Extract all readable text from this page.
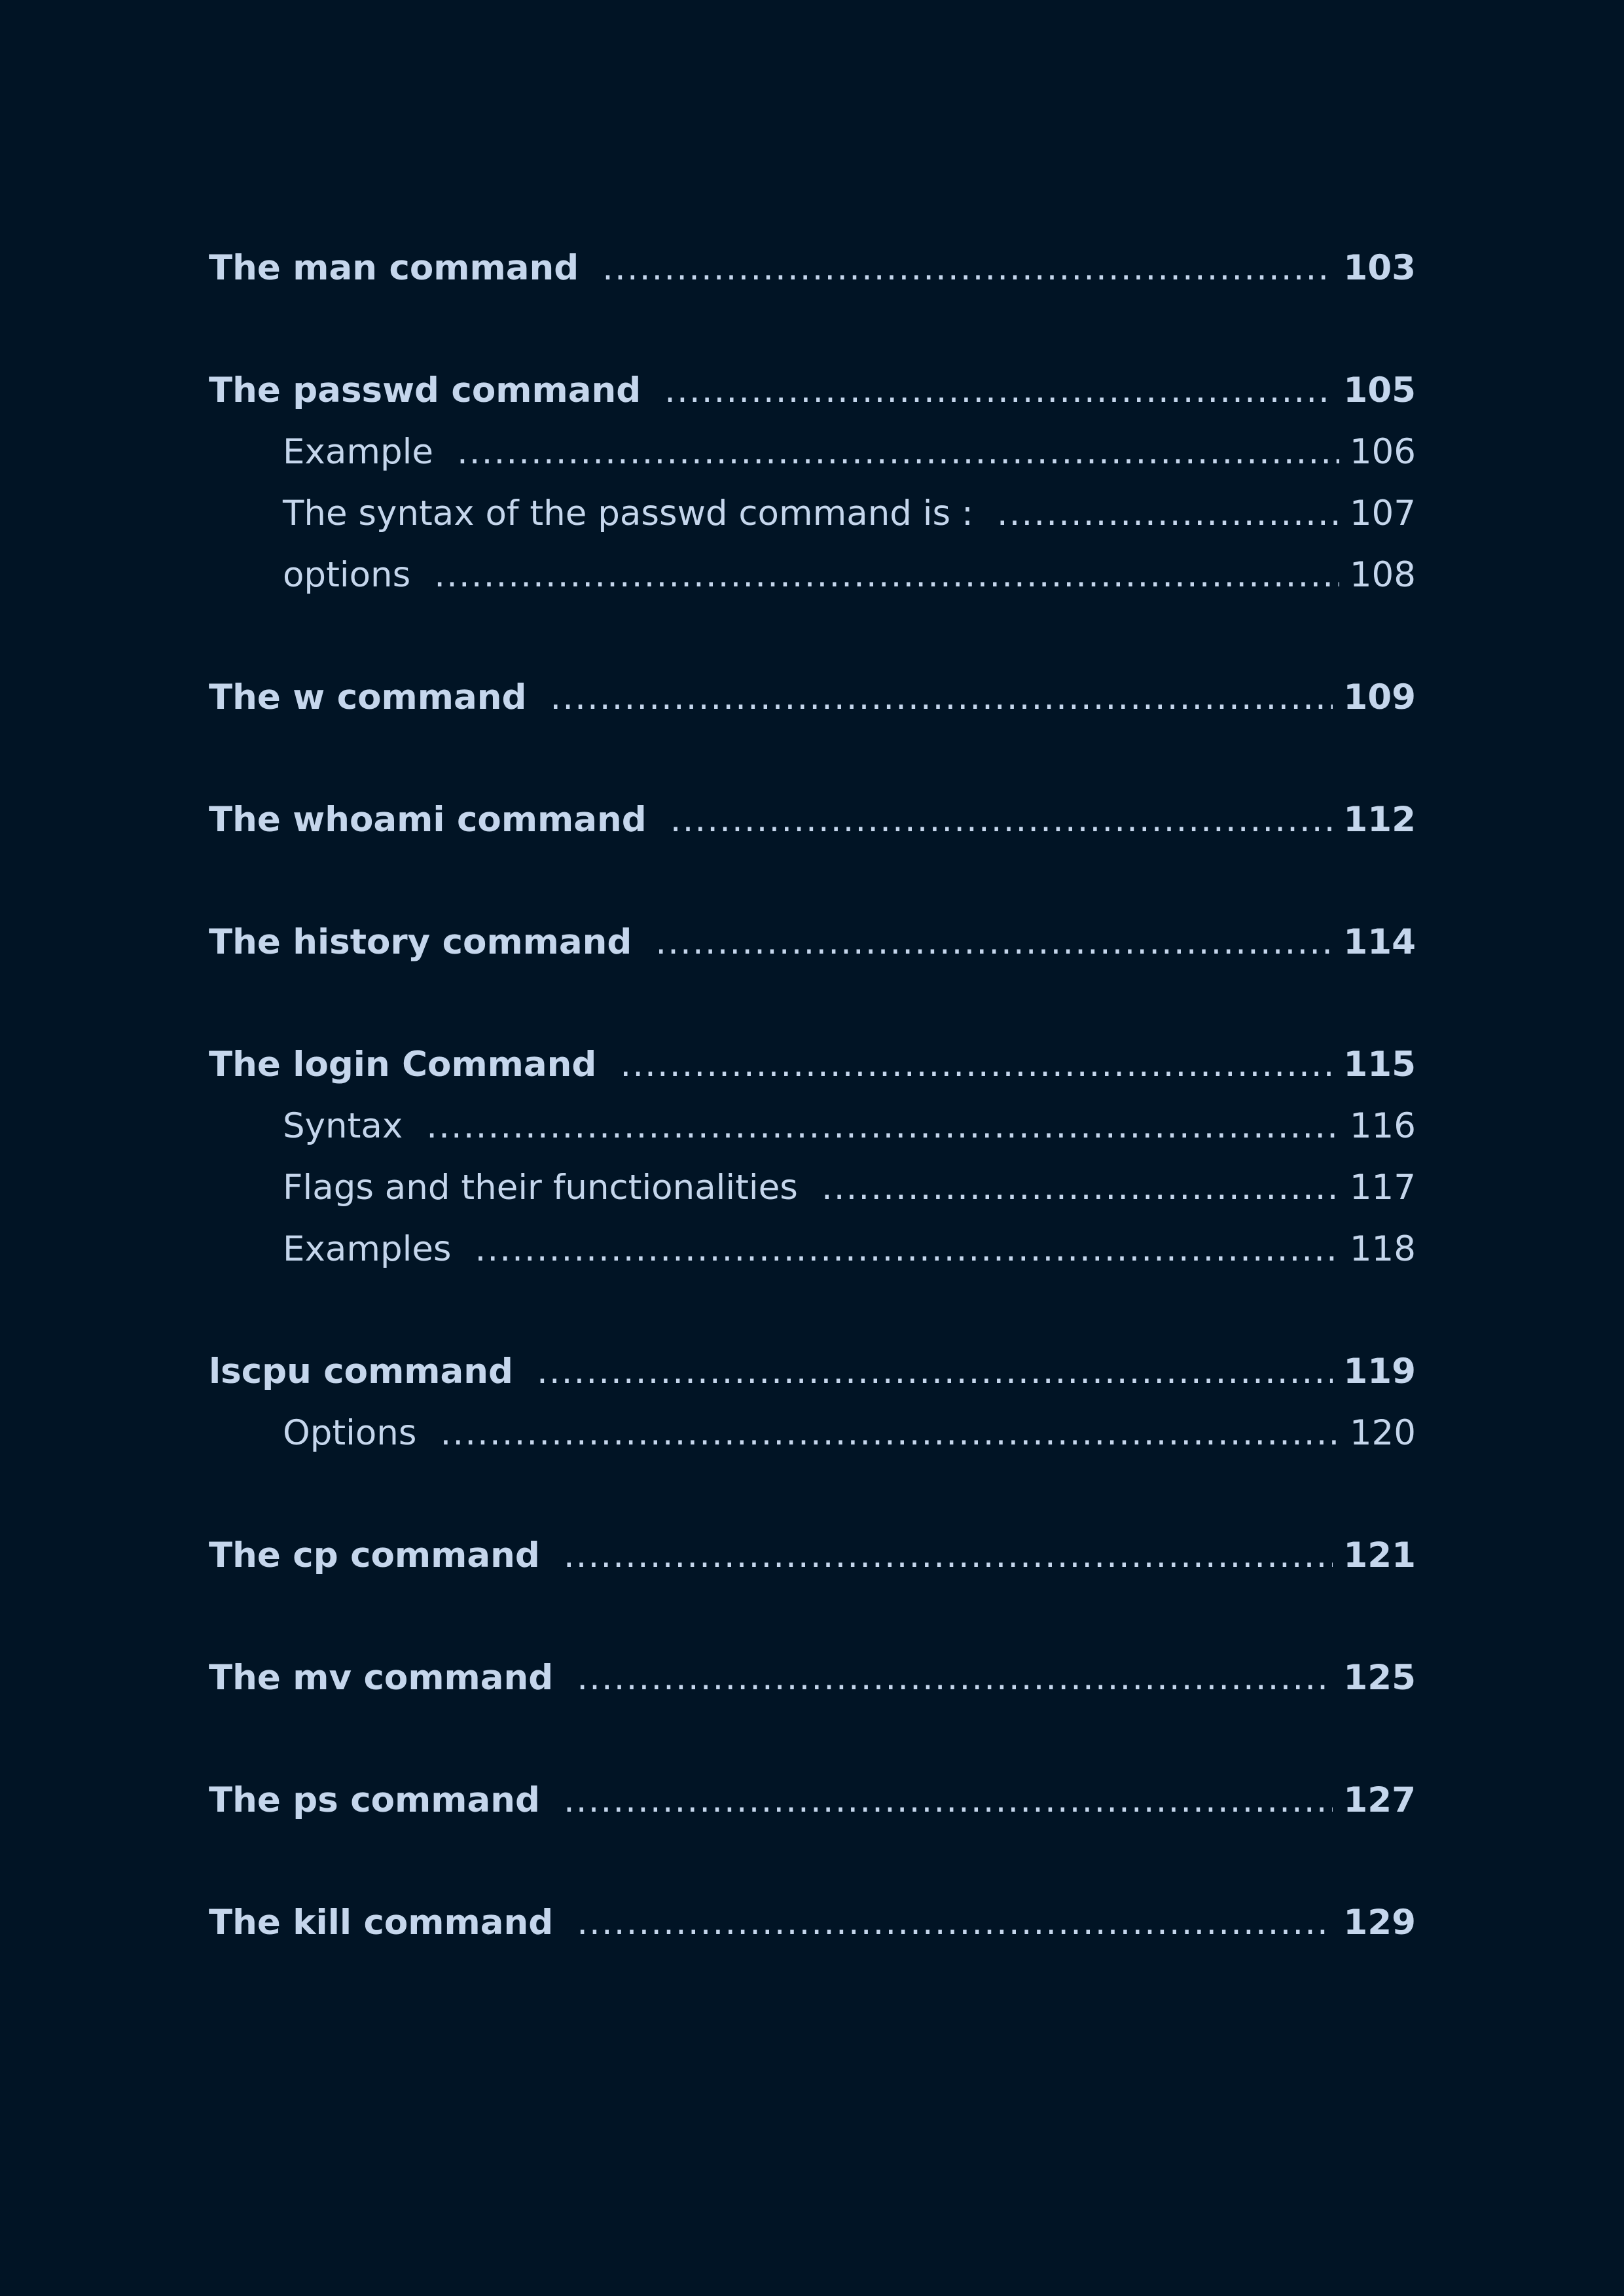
The man command .....	103
The passwd command .....	105
Example .....	106
The syntax of the passwd command is : .....	107
options .....	108
The w command .....	109
The whoami command .....	112
The history command .....	114
The login Command .....	115
Syntax .....	116
Flags and their functionalities .....	117
Examples .....	118
lscpu command .....	119
Options .....	120
The cp command .....	121
The mv command .....	125
The ps command .....	127
The kill command .....	129
